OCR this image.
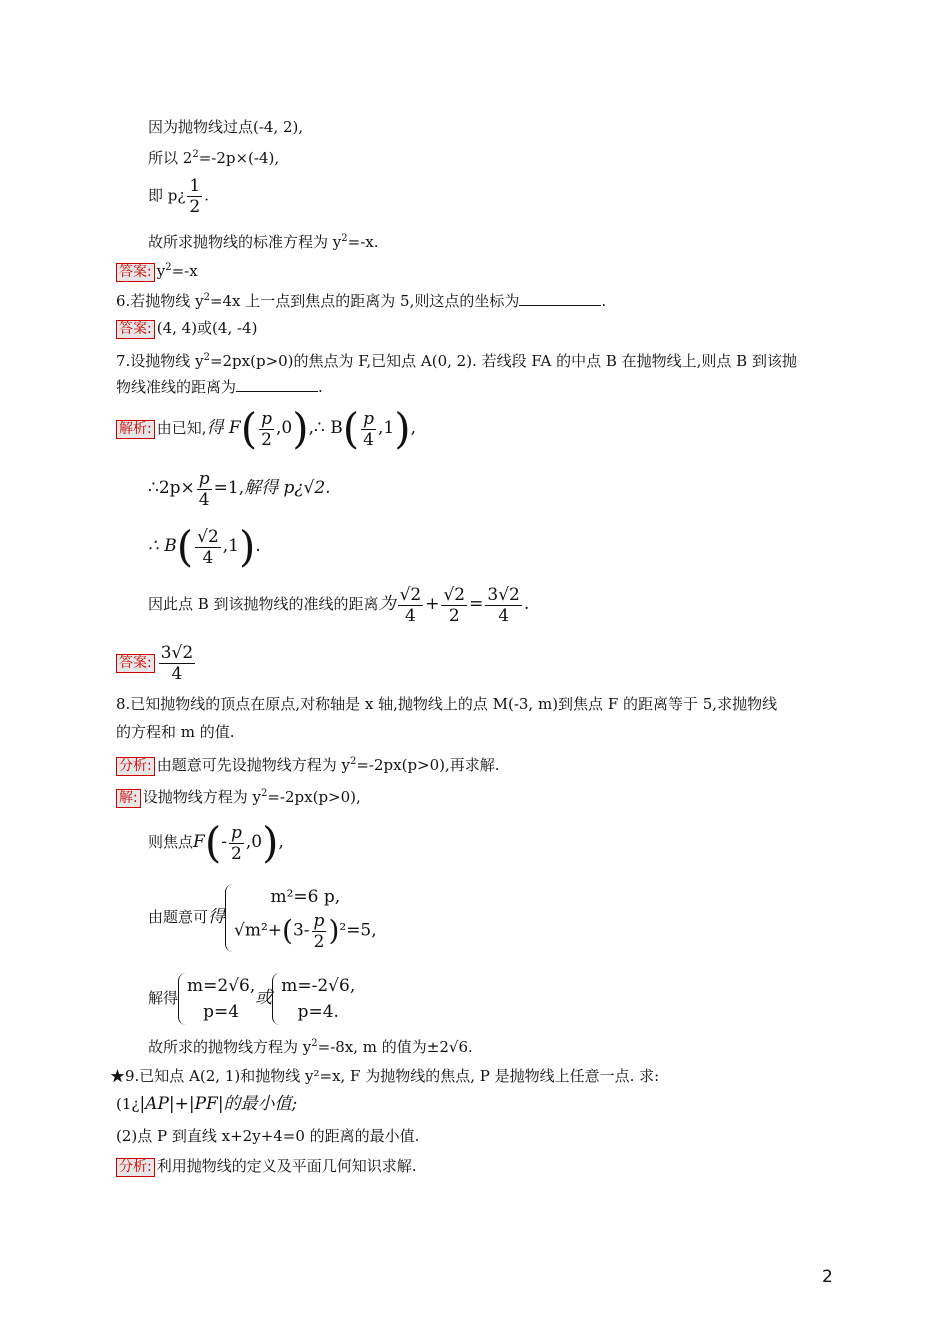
因为抛物线过点(-4, 2),
所以 $2^2=-2p\times(-4)$,
即 p¿ $\frac{1}{2}$ .
故所求抛物线的标准方程为 $y^2=-x$.
答案: $y^2=-x$
6.若抛物线 $y^2=4x$ 上一点到焦点的距离为 5,则这点的坐标为	.
答案: (4, 4)或(4, -4)
7.设抛物线 $y^2=2px(p>0)$的焦点为 F,已知点 A(0, 2). 若线段 FA 的中点 B 在抛物线上,则点 B 到该抛
物线准线的距离为	.
解析: 由已知,得 $F( \frac{p}{2}$ ,0),∴ $B( \frac{p}{4} ,1)$,
∴2p× $\frac{p}{4} =1$,解得 p¿√2.
∴ $B( \frac{√2}{4} ,1)$.
因此点 B 到该抛物线的准线的距离为 $\frac{√2}{4} + \frac{√2}{2} = \frac{3√2}{4}$ .
答案: $\frac{3√2}{4}$
8.已知抛物线的顶点在原点,对称轴是 x 轴,抛物线上的点 M(-3, m)到焦点 F 的距离等于 5,求抛物线
的方程和 m 的值.
分析: 由题意可先设抛物线方程为 $y^2=-2px(p>0)$,再求解.
解: 设抛物线方程为 $y^2=-2px(p>0)$,
则焦点$F(- \frac{p}{2} ,0)$,
由题意可得
m²=6 p,
$√m^2+(3- \frac{p}{2} )^2=5$,
解得
m=2√6,
p=4
或
m=-2√6,
p=4.
故所求的抛物线方程为 $y^2=-8x$, m 的值为±2√6.
★9.已知点 A(2, 1)和抛物线 y²=x, F 为抛物线的焦点, P 是抛物线上任意一点. 求:
(1¿|AP|+|PF|的最小值;
(2)点 P 到直线 x+2y+4=0 的距离的最小值.
分析: 利用抛物线的定义及平面几何知识求解.
2
